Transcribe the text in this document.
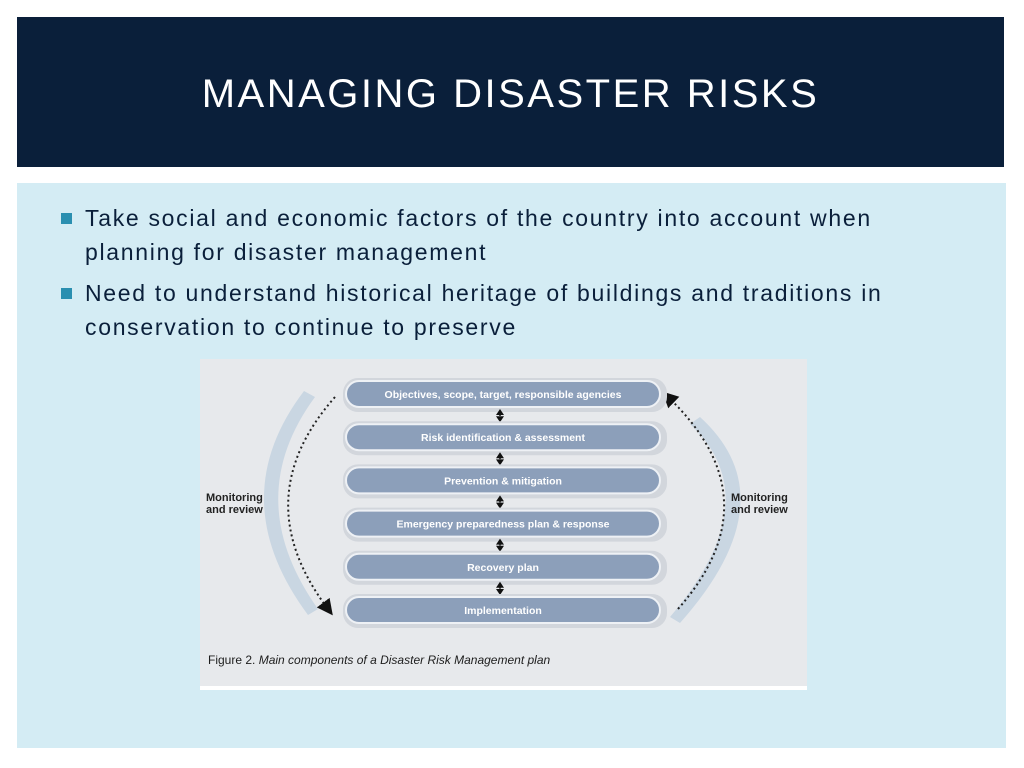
MANAGING DISASTER RISKS
Take social and economic factors of the country into account when planning for disaster management
Need to understand historical heritage of buildings and traditions in conservation to continue to preserve
Objectives, scope, target, responsible agencies
Risk identification & assessment
Prevention & mitigation
Emergency preparedness plan & response
Recovery plan
Implementation
Monitoring
and review
Monitoring
and review
Figure 2. Main components of a Disaster Risk Management plan
